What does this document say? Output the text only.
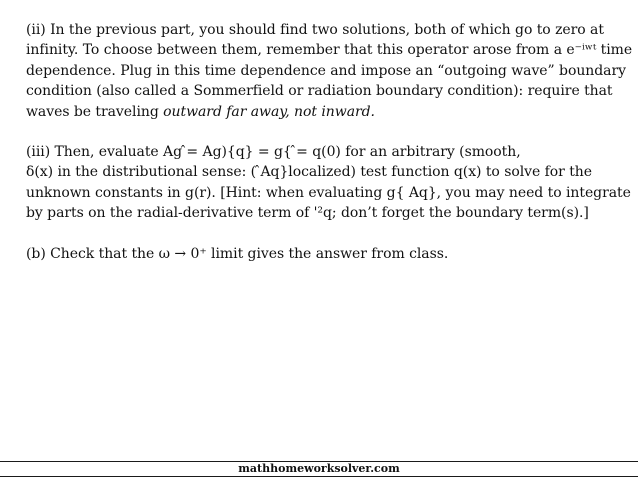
(ii) In the previous part, you should find two solutions, both of which go to zero at
infinity. To choose between them, remember that this operator arose from a e⁻ⁱʷᵗ time
dependence. Plug in this time dependence and impose an “outgoing wave” boundary
condition (also called a Sommerfield or radiation boundary condition): require that
waves be traveling outward far away, not inward.
(iii) Then, evaluate Ag ̂= Ag){q} = g{ ̂= q(0) for an arbitrary (smooth,
δ(x) in the distributional sense: ( ̂Aq}localized) test function q(x) to solve for the
unknown constants in g(r). [Hint: when evaluating g{ Aq}, you may need to integrate
by parts on the radial-derivative term of '²q; don’t forget the boundary term(s).]
(b) Check that the ω → 0⁺ limit gives the answer from class.
mathhomeworksolver.com
